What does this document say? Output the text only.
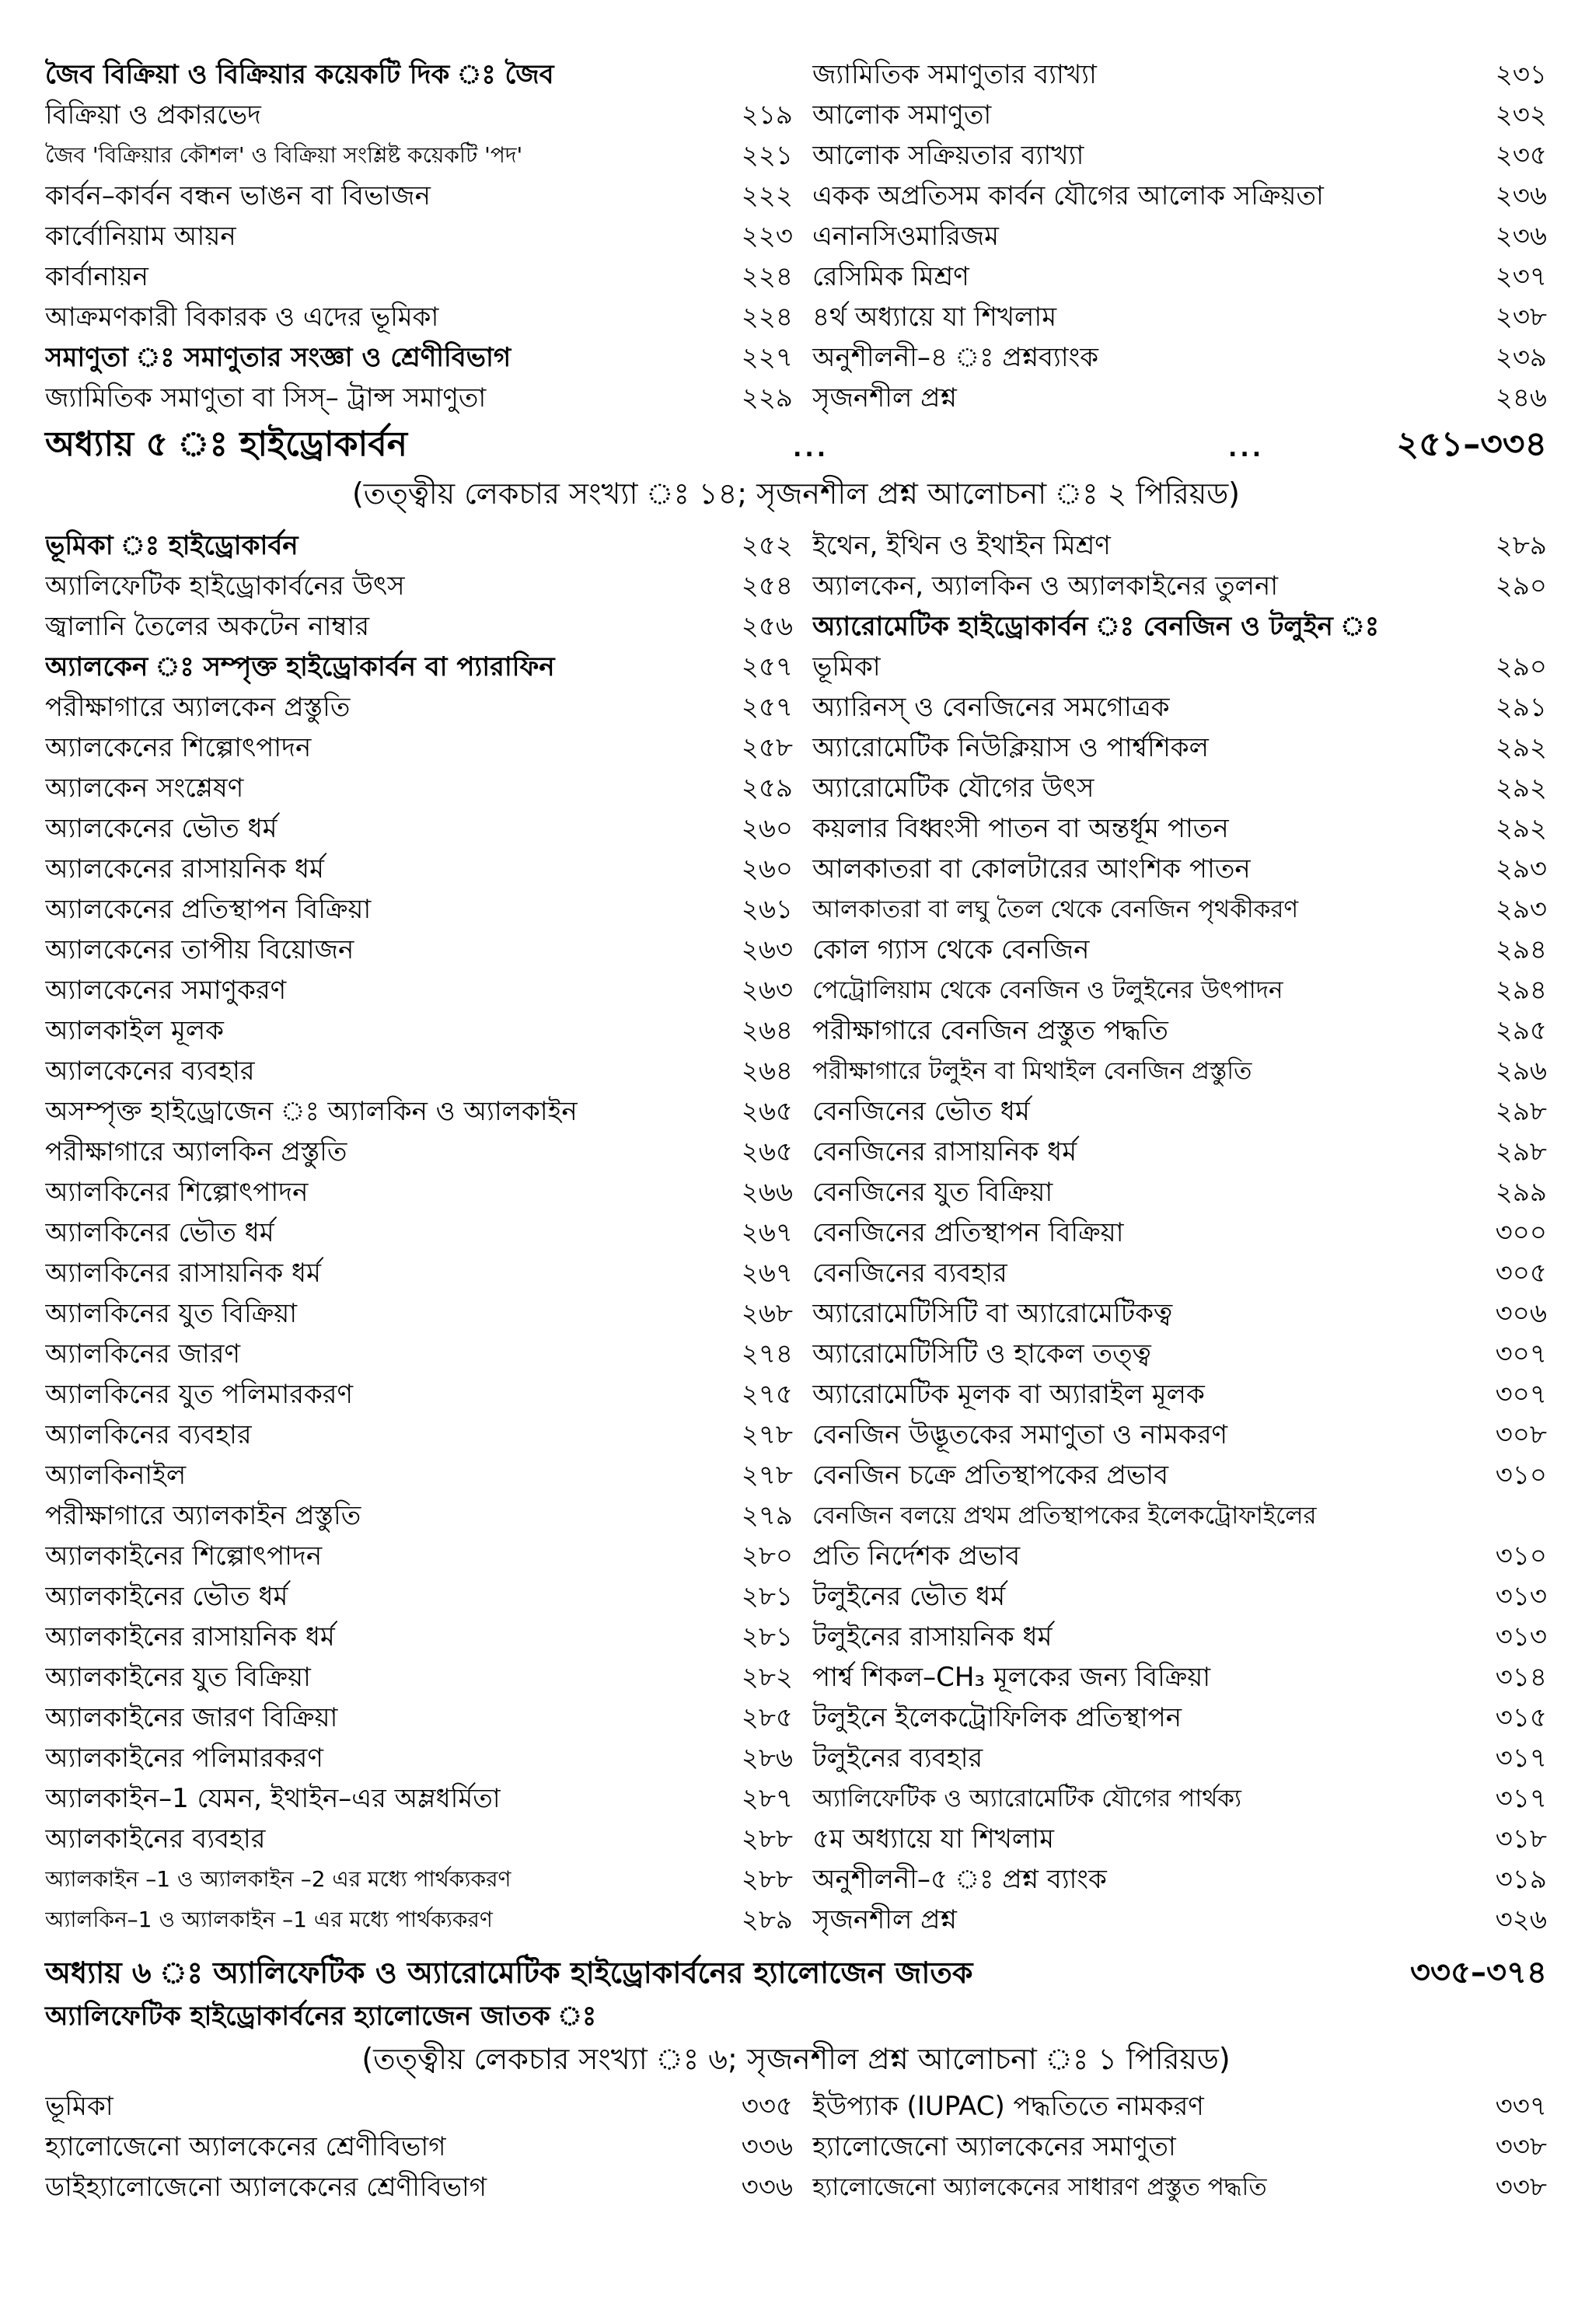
জৈব বিক্রিয়া ও বিক্রিয়ার কয়েকটি দিক ঃ জৈব	জ্যামিতিক সমাণুতার ব্যাখ্যা	২৩১
বিক্রিয়া ও প্রকারভেদ	২১৯ আলোক সমাণুতা	২৩২
জৈব 'বিক্রিয়ার কৌশল' ও বিক্রিয়া সংশ্লিষ্ট কয়েকটি 'পদ'	২২১ আলোক সক্রিয়তার ব্যাখ্যা	২৩৫
কার্বন–কার্বন বন্ধন ভাঙন বা বিভাজন	২২২ একক অপ্রতিসম কার্বন যৌগের আলোক সক্রিয়তা	২৩৬
কার্বোনিয়াম আয়ন	২২৩ এনানসিওমারিজম	২৩৬
কার্বানায়ন	২২৪ রেসিমিক মিশ্রণ	২৩৭
আক্রমণকারী বিকারক ও এদের ভূমিকা	২২৪ ৪র্থ অধ্যায়ে যা শিখলাম	২৩৮
সমাণুতা ঃ সমাণুতার সংজ্ঞা ও শ্রেণীবিভাগ	২২৭ অনুশীলনী–৪ ঃ প্রশ্নব্যাংক	২৩৯
জ্যামিতিক সমাণুতা বা সিস্‌– ট্রান্স সমাণুতা	২২৯ সৃজনশীল প্রশ্ন	২৪৬
অধ্যায় ৫ ঃ হাইড্রোকার্বন	...	...	২৫১–৩৩৪
(তত্ত্বীয় লেকচার সংখ্যা ঃ ১৪; সৃজনশীল প্রশ্ন আলোচনা ঃ ২ পিরিয়ড)
ভূমিকা ঃ হাইড্রোকার্বন	২৫২ ইথেন, ইথিন ও ইথাইন মিশ্রণ	২৮৯
অ্যালিফেটিক হাইড্রোকার্বনের উৎস	২৫৪ অ্যালকেন, অ্যালকিন ও অ্যালকাইনের তুলনা	২৯০
জ্বালানি তৈলের অকটেন নাম্বার	২৫৬ অ্যারোমেটিক হাইড্রোকার্বন ঃ বেনজিন ও টলুইন ঃ
অ্যালকেন ঃ সম্পৃক্ত হাইড্রোকার্বন বা প্যারাফিন	২৫৭ ভূমিকা	২৯০
পরীক্ষাগারে অ্যালকেন প্রস্তুতি	২৫৭ অ্যারিনস্‌ ও বেনজিনের সমগোত্রক	২৯১
অ্যালকেনের শিল্পোৎপাদন	২৫৮ অ্যারোমেটিক নিউক্লিয়াস ও পার্শ্বশিকল	২৯২
অ্যালকেন সংশ্লেষণ	২৫৯ অ্যারোমেটিক যৌগের উৎস	২৯২
অ্যালকেনের ভৌত ধর্ম	২৬০ কয়লার বিধ্বংসী পাতন বা অন্তর্ধূম পাতন	২৯২
অ্যালকেনের রাসায়নিক ধর্ম	২৬০ আলকাতরা বা কোলটারের আংশিক পাতন	২৯৩
অ্যালকেনের প্রতিস্থাপন বিক্রিয়া	২৬১ আলকাতরা বা লঘু তৈল থেকে বেনজিন পৃথকীকরণ	২৯৩
অ্যালকেনের তাপীয় বিয়োজন	২৬৩ কোল গ্যাস থেকে বেনজিন	২৯৪
অ্যালকেনের সমাণুকরণ	২৬৩ পেট্রোলিয়াম থেকে বেনজিন ও টলুইনের উৎপাদন	২৯৪
অ্যালকাইল মূলক	২৬৪ পরীক্ষাগারে বেনজিন প্রস্তুত পদ্ধতি	২৯৫
অ্যালকেনের ব্যবহার	২৬৪ পরীক্ষাগারে টলুইন বা মিথাইল বেনজিন প্রস্তুতি	২৯৬
অসম্পৃক্ত হাইড্রোজেন ঃ অ্যালকিন ও অ্যালকাইন	২৬৫ বেনজিনের ভৌত ধর্ম	২৯৮
পরীক্ষাগারে অ্যালকিন প্রস্তুতি	২৬৫ বেনজিনের রাসায়নিক ধর্ম	২৯৮
অ্যালকিনের শিল্পোৎপাদন	২৬৬ বেনজিনের যুত বিক্রিয়া	২৯৯
অ্যালকিনের ভৌত ধর্ম	২৬৭ বেনজিনের প্রতিস্থাপন বিক্রিয়া	৩০০
অ্যালকিনের রাসায়নিক ধর্ম	২৬৭ বেনজিনের ব্যবহার	৩০৫
অ্যালকিনের যুত বিক্রিয়া	২৬৮ অ্যারোমেটিসিটি বা অ্যারোমেটিকত্ব	৩০৬
অ্যালকিনের জারণ	২৭৪ অ্যারোমেটিসিটি ও হাকেল তত্ত্ব	৩০৭
অ্যালকিনের যুত পলিমারকরণ	২৭৫ অ্যারোমেটিক মূলক বা অ্যারাইল মূলক	৩০৭
অ্যালকিনের ব্যবহার	২৭৮ বেনজিন উদ্ভূতকের সমাণুতা ও নামকরণ	৩০৮
অ্যালকিনাইল	২৭৮ বেনজিন চক্রে প্রতিস্থাপকের প্রভাব	৩১০
পরীক্ষাগারে অ্যালকাইন প্রস্তুতি	২৭৯ বেনজিন বলয়ে প্রথম প্রতিস্থাপকের ইলেকট্রোফাইলের
অ্যালকাইনের শিল্পোৎপাদন	২৮০ প্রতি নির্দেশক প্রভাব	৩১০
অ্যালকাইনের ভৌত ধর্ম	২৮১ টলুইনের ভৌত ধর্ম	৩১৩
অ্যালকাইনের রাসায়নিক ধর্ম	২৮১ টলুইনের রাসায়নিক ধর্ম	৩১৩
অ্যালকাইনের যুত বিক্রিয়া	২৮২ পার্শ্ব শিকল–CH₃ মূলকের জন্য বিক্রিয়া	৩১৪
অ্যালকাইনের জারণ বিক্রিয়া	২৮৫ টলুইনে ইলেকট্রোফিলিক প্রতিস্থাপন	৩১৫
অ্যালকাইনের পলিমারকরণ	২৮৬ টলুইনের ব্যবহার	৩১৭
অ্যালকাইন–1 যেমন, ইথাইন–এর অম্লধর্মিতা	২৮৭ অ্যালিফেটিক ও অ্যারোমেটিক যৌগের পার্থক্য	৩১৭
অ্যালকাইনের ব্যবহার	২৮৮ ৫ম অধ্যায়ে যা শিখলাম	৩১৮
অ্যালকাইন –1 ও অ্যালকাইন –2 এর মধ্যে পার্থক্যকরণ	২৮৮ অনুশীলনী–৫ ঃ প্রশ্ন ব্যাংক	৩১৯
অ্যালকিন–1 ও অ্যালকাইন –1 এর মধ্যে পার্থক্যকরণ	২৮৯ সৃজনশীল প্রশ্ন	৩২৬
অধ্যায় ৬ ঃ অ্যালিফেটিক ও অ্যারোমেটিক হাইড্রোকার্বনের হ্যালোজেন জাতক	৩৩৫–৩৭৪
অ্যালিফেটিক হাইড্রোকার্বনের হ্যালোজেন জাতক ঃ
(তত্ত্বীয় লেকচার সংখ্যা ঃ ৬; সৃজনশীল প্রশ্ন আলোচনা ঃ ১ পিরিয়ড)
ভূমিকা	৩৩৫ ইউপ্যাক (IUPAC) পদ্ধতিতে নামকরণ	৩৩৭
হ্যালোজেনো অ্যালকেনের শ্রেণীবিভাগ	৩৩৬ হ্যালোজেনো অ্যালকেনের সমাণুতা	৩৩৮
ডাইহ্যালোজেনো অ্যালকেনের শ্রেণীবিভাগ	৩৩৬ হ্যালোজেনো অ্যালকেনের সাধারণ প্রস্তুত পদ্ধতি	৩৩৮
